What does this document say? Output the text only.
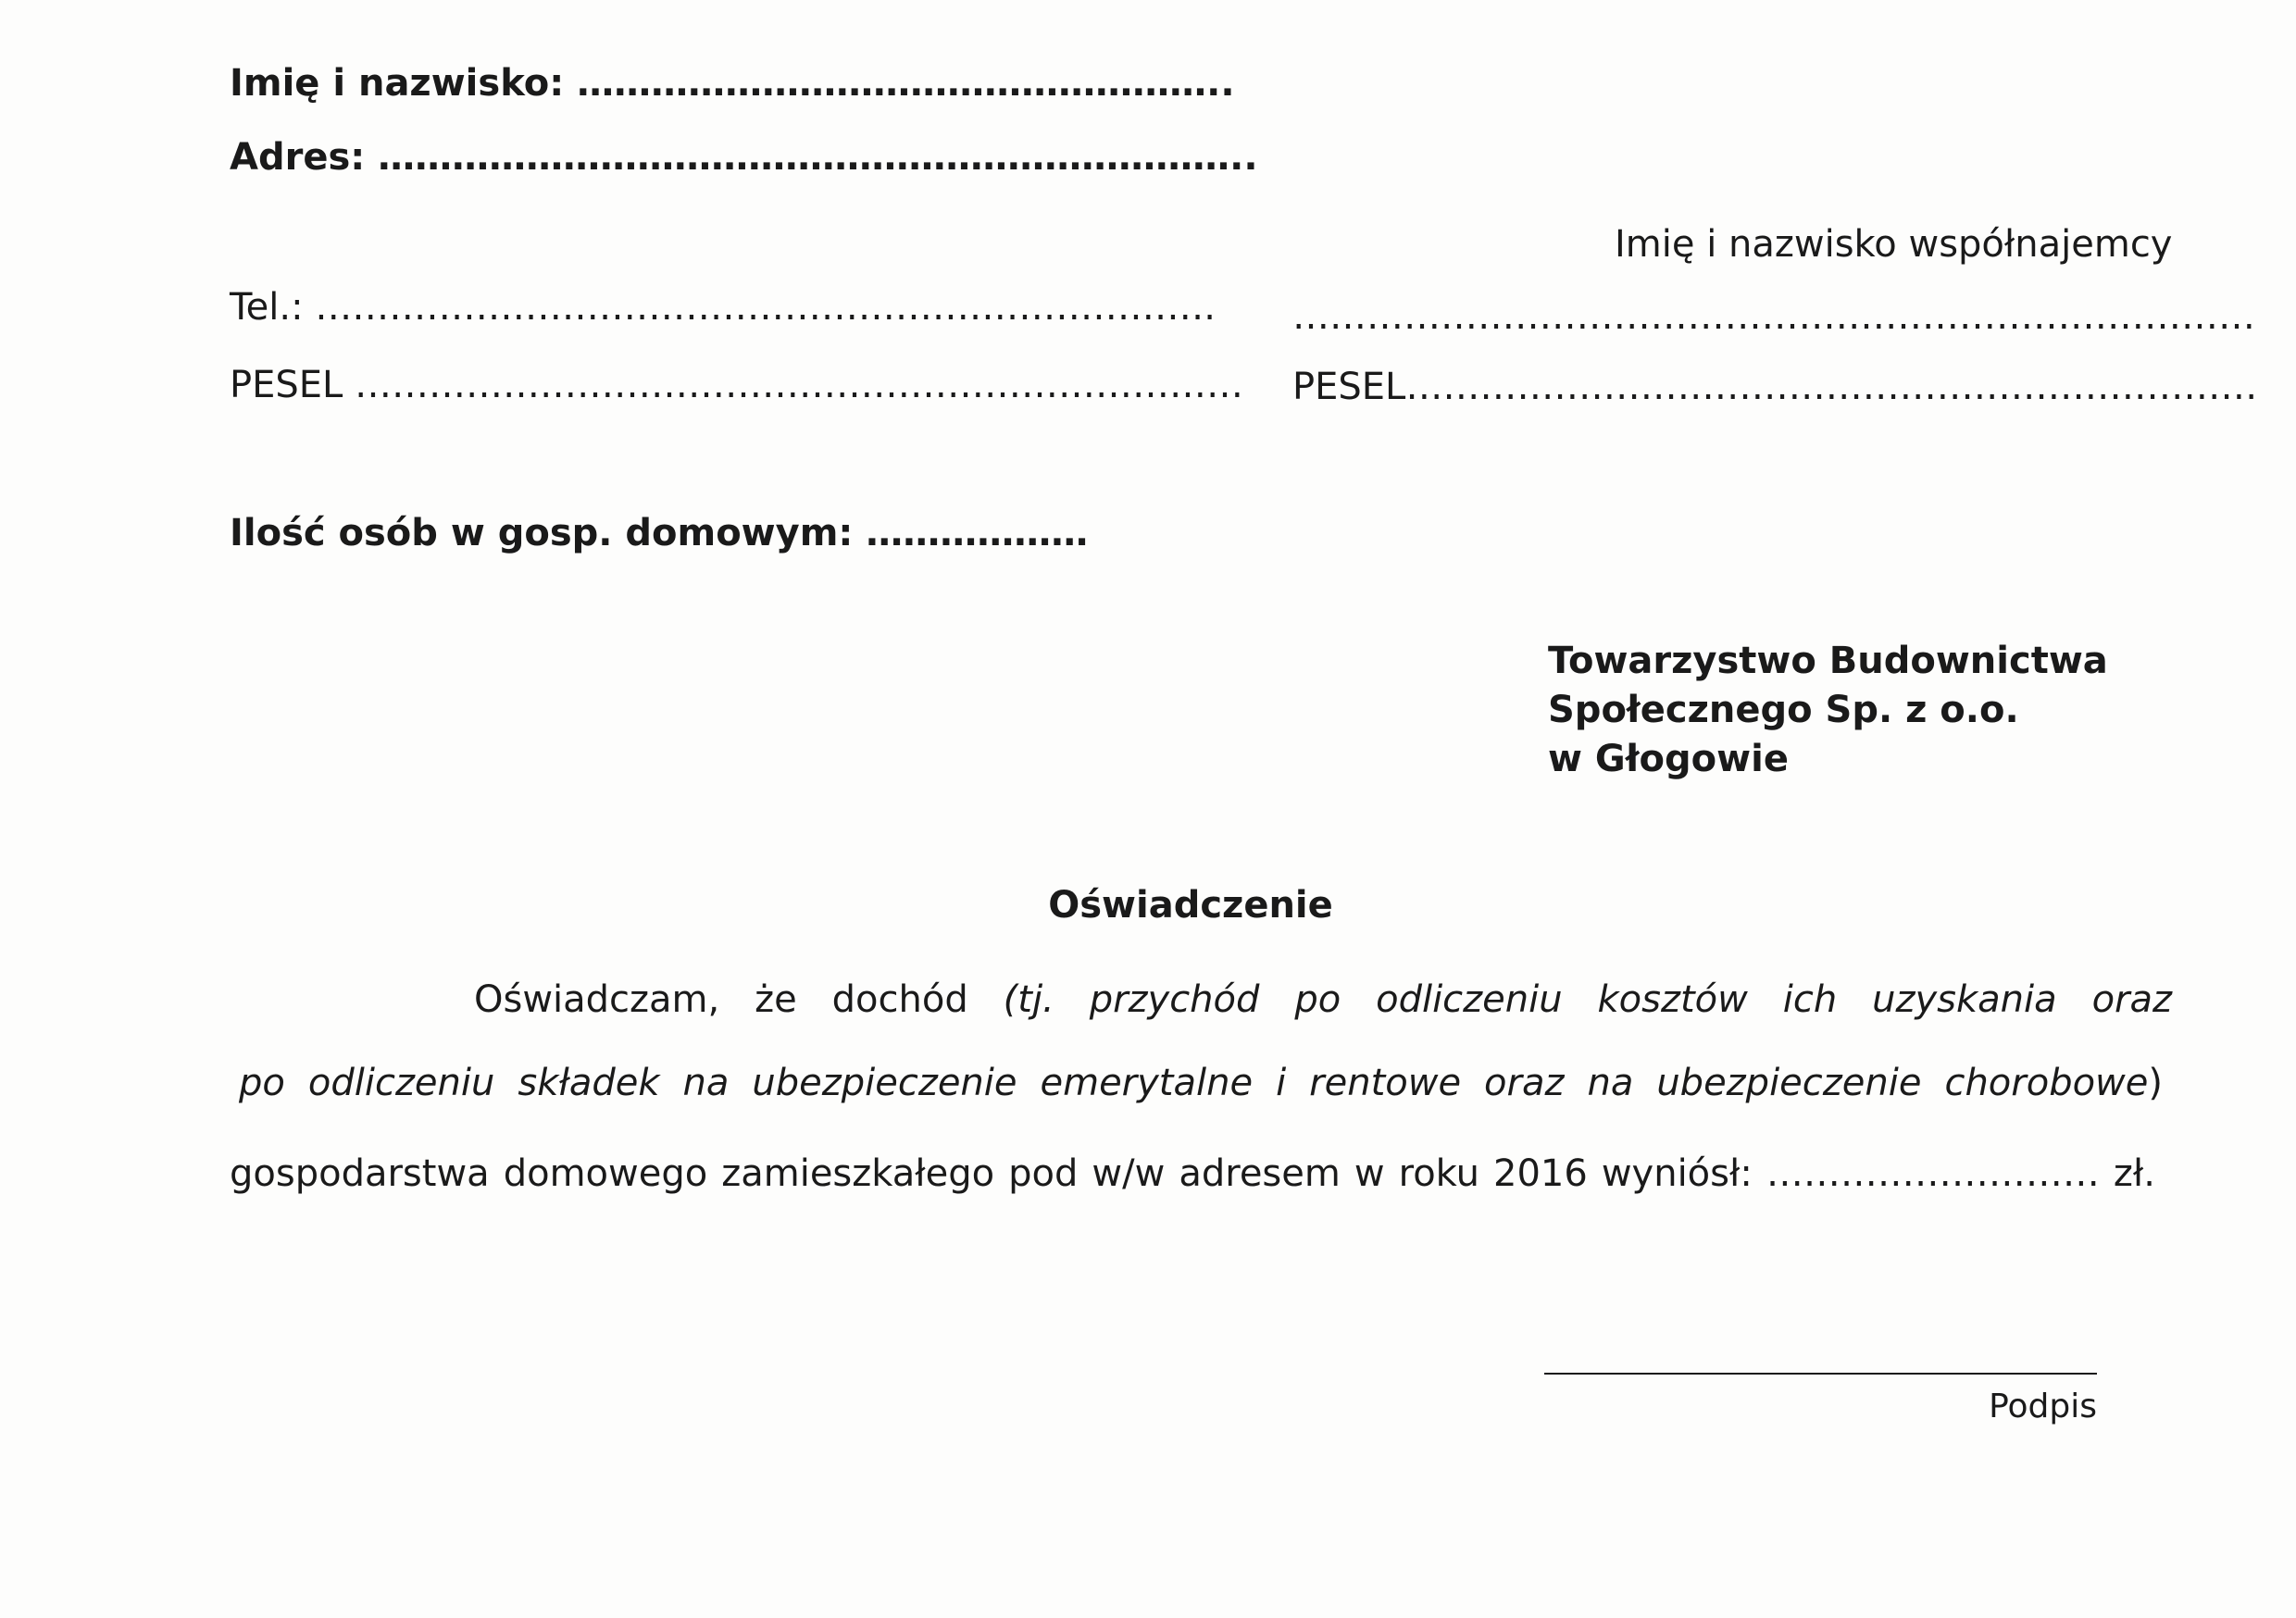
Imię i nazwisko: ……………………………………………..
Adres: ……………………………………………………………..
Imię i nazwisko współnajemcy
Tel.: ………………………………………………………………. ……………………………………………………………………
PESEL ……………………………………………………………… PESEL……………………………………………………………
Ilość osób w gosp. domowym: ………………
Towarzystwo Budownictwa
Społecznego Sp. z o.o.
w Głogowie
Oświadczenie
Oświadczam, że dochód (tj. przychód po odliczeniu kosztów ich uzyskania oraz
po odliczeniu składek na ubezpieczenie emerytalne i rentowe oraz na ubezpieczenie chorobowe)
gospodarstwa domowego zamieszkałego pod w/w adresem w roku 2016 wyniósł: ……………………… zł.
Podpis
